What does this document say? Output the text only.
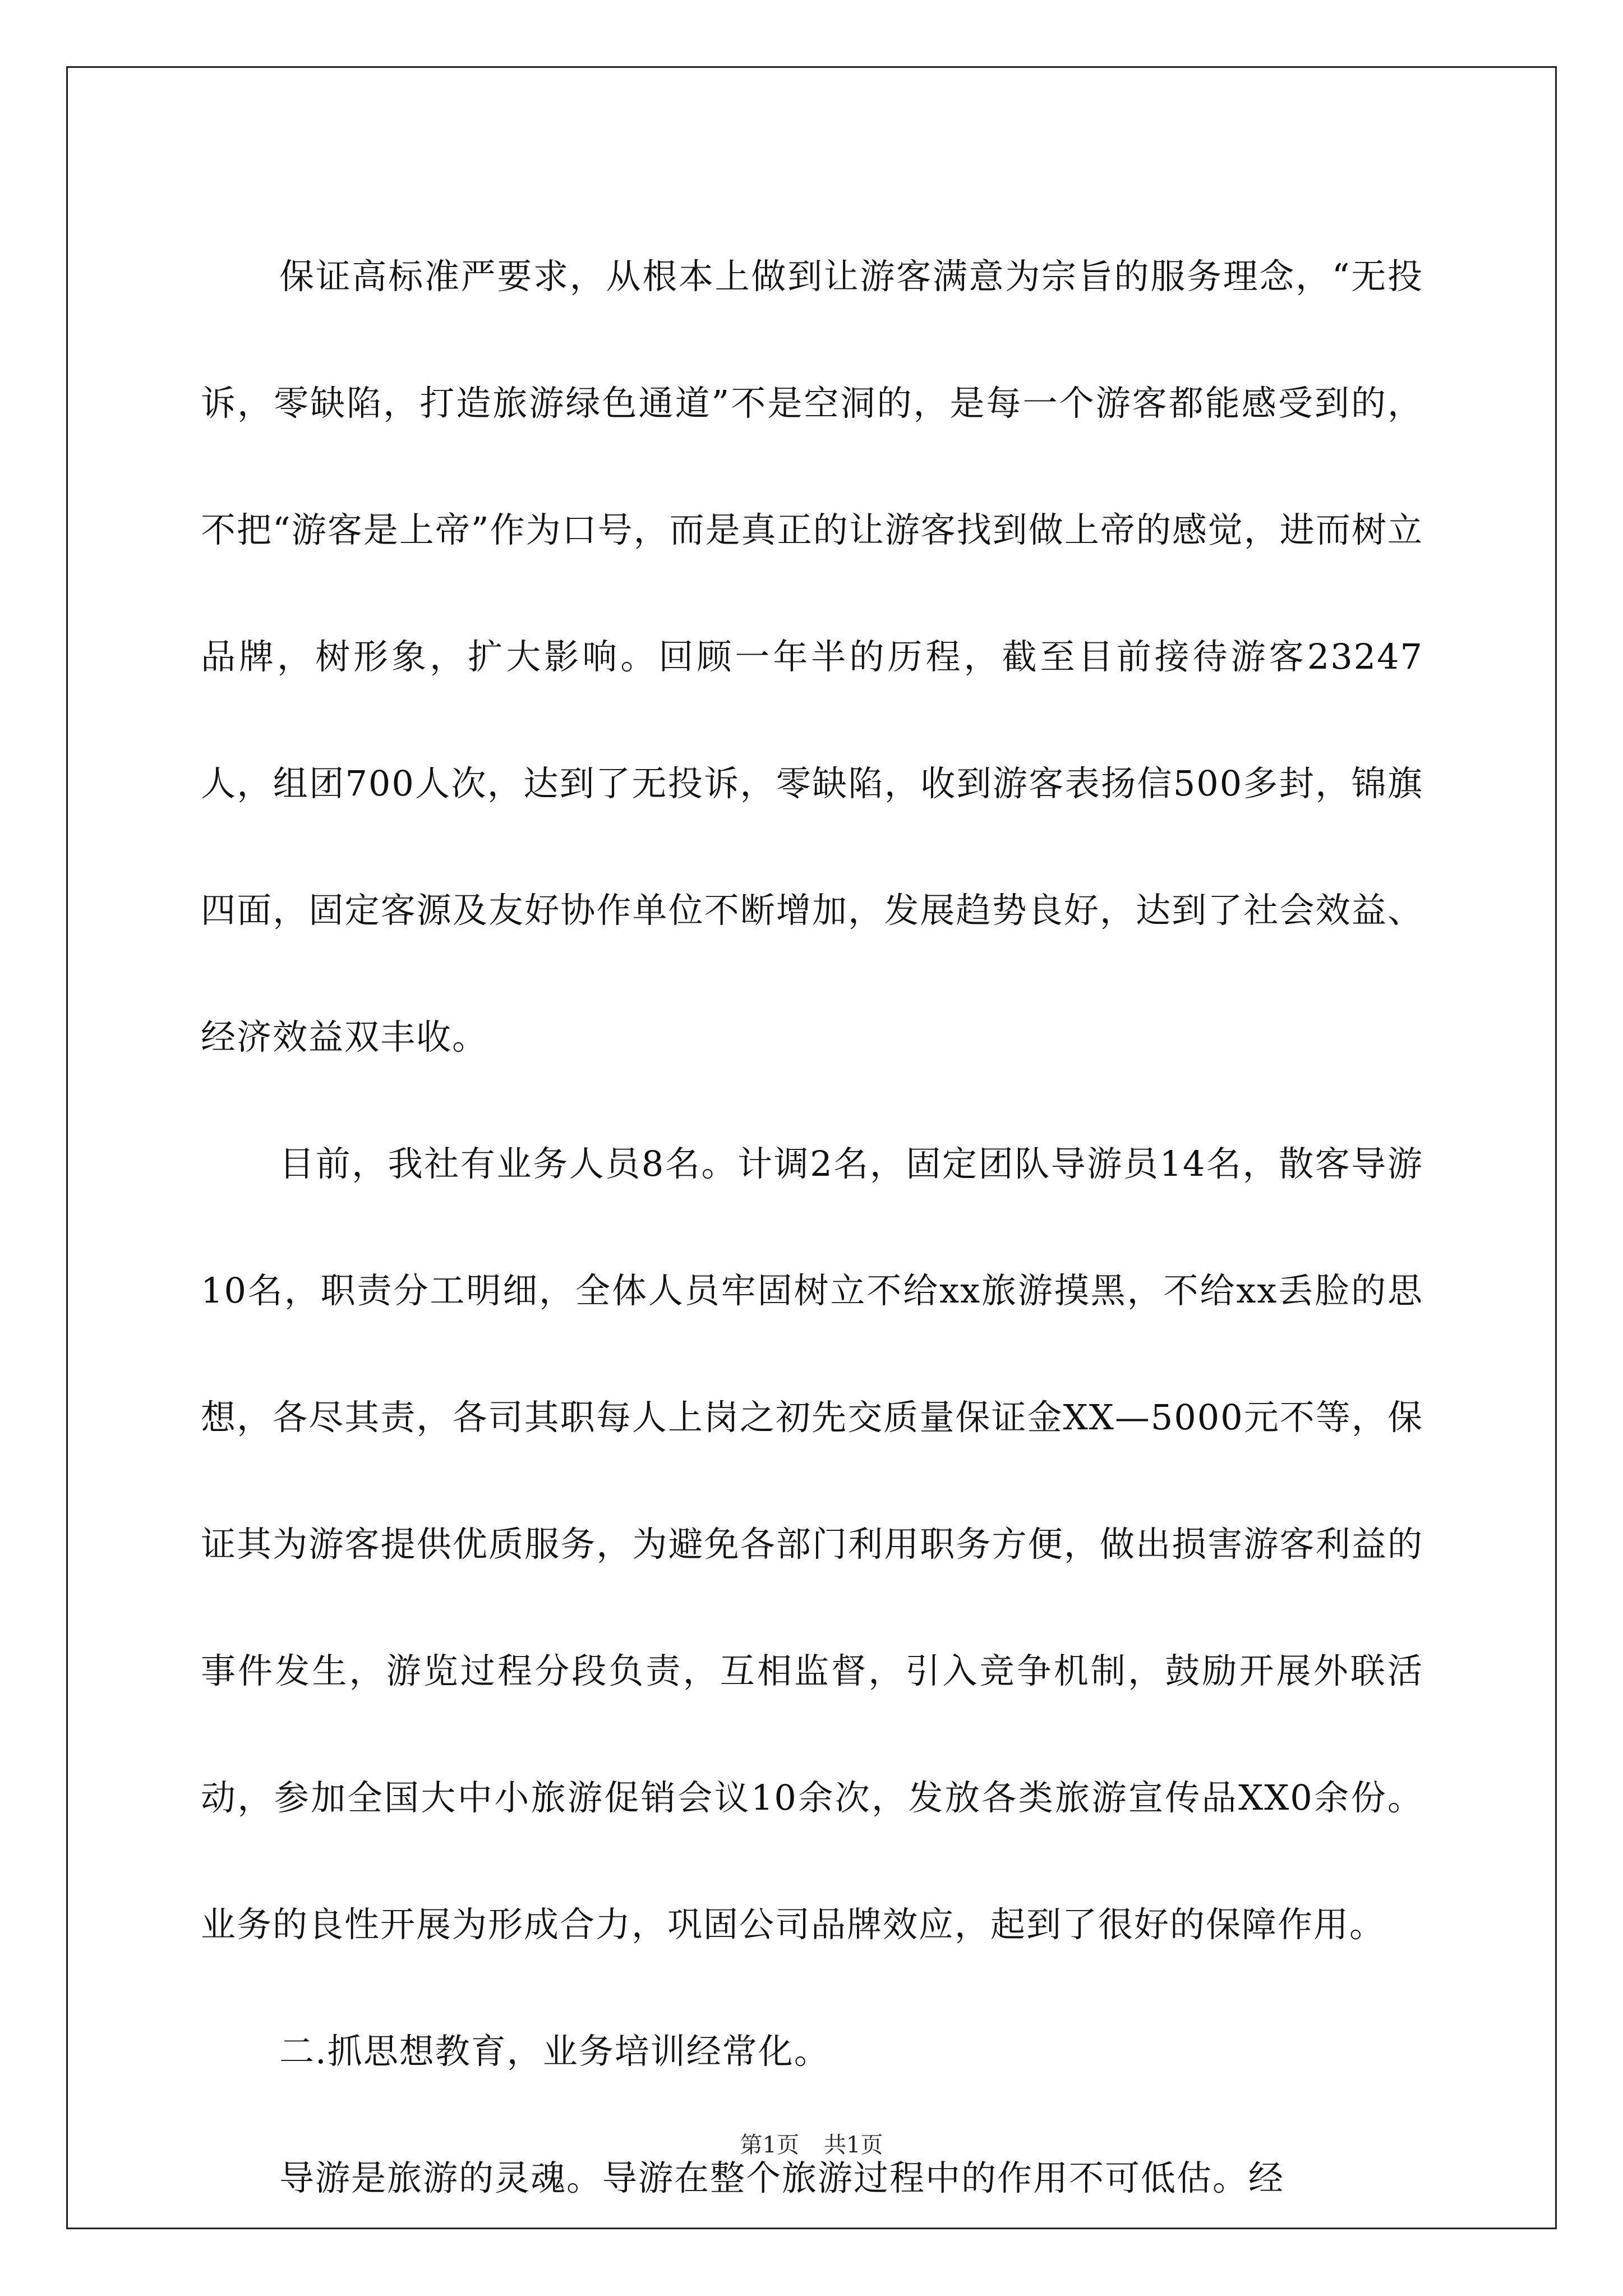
保证高标准严要求，从根本上做到让游客满意为宗旨的服务理念，“无投诉，零缺陷，打造旅游绿色通道”不是空洞的，是每一个游客都能感受到的，不把“游客是上帝”作为口号，而是真正的让游客找到做上帝的感觉，进而树立品牌，树形象，扩大影响。回顾一年半的历程，截至目前接待游客23247人，组团700人次，达到了无投诉，零缺陷，收到游客表扬信500多封，锦旗四面，固定客源及友好协作单位不断增加，发展趋势良好，达到了社会效益、经济效益双丰收。

目前，我社有业务人员8名。计调2名，固定团队导游员14名，散客导游10名，职责分工明细，全体人员牢固树立不给xx旅游摸黑，不给xx丢脸的思想，各尽其责，各司其职每人上岗之初先交质量保证金XX—5000元不等，保证其为游客提供优质服务，为避免各部门利用职务方便，做出损害游客利益的事件发生，游览过程分段负责，互相监督，引入竞争机制，鼓励开展外联活动，参加全国大中小旅游促销会议10余次，发放各类旅游宣传品XX0余份。业务的良性开展为形成合力，巩固公司品牌效应，起到了很好的保障作用。

二.抓思想教育，业务培训经常化。

导游是旅游的灵魂。导游在整个旅游过程中的作用不可低估。经

第1页 共1页
